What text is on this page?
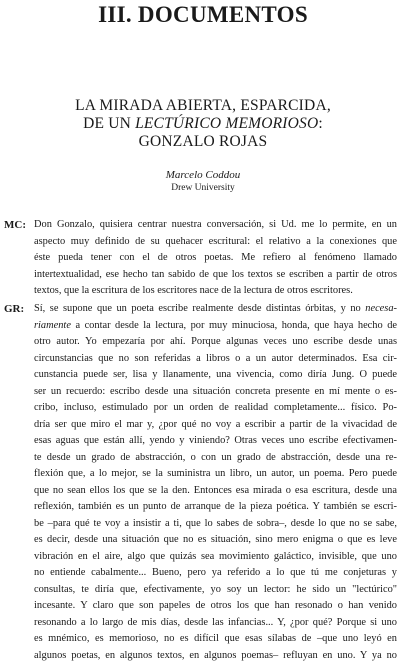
III. DOCUMENTOS
LA MIRADA ABIERTA, ESPARCIDA,
DE UN LECTÚRICO MEMORIOSO:
GONZALO ROJAS
Marcelo Coddou
Drew University
MC: Don Gonzalo, quisiera centrar nuestra conversación, si Ud. me lo permite, en un
aspecto muy definido de su quehacer escritural: el relativo a la conexiones que
éste pueda tener con el de otros poetas. Me refiero al fenómeno llamado
intertextualidad, ese hecho tan sabido de que los textos se escriben a partir de otros
textos, que la escritura de los escritores nace de la lectura de otros escritores.
GR: Sí, se supone que un poeta escribe realmente desde distintas órbitas, y no necesa-
riamente a contar desde la lectura, por muy minuciosa, honda, que haya hecho de
otro autor. Yo empezaría por ahí. Porque algunas veces uno escribe desde unas
circunstancias que no son referidas a libros o a un autor determinados. Esa cir-
cunstancia puede ser, lisa y llanamente, una vivencia, como diría Jung. O puede
ser un recuerdo: escribo desde una situación concreta presente en mí mente o es-
cribo, incluso, estimulado por un orden de realidad completamente... físico. Po-
dría ser que miro el mar y, ¿por qué no voy a escribir a partir de la vivacidad de
esas aguas que están allí, yendo y viniendo? Otras veces uno escribe efectivamen-
te desde un grado de abstracción, o con un grado de abstracción, desde una re-
flexión que, a lo mejor, se la suministra un libro, un autor, un poema. Pero puede
que no sean ellos los que se la den. Entonces esa mirada o esa escritura, desde una
reflexión, también es un punto de arranque de la pieza poética. Y también se escri-
be –para qué te voy a insistir a ti, que lo sabes de sobra–, desde lo que no se sabe,
es decir, desde una situación que no es situación, sino mero enigma o que es leve
vibración en el aire, algo que quizás sea movimiento galáctico, invisible, que uno
no entiende cabalmente... Bueno, pero ya referido a lo que tú me conjeturas y
consultas, te diría que, efectivamente, yo soy un lector: he sido un "lectúrico"
incesante. Y claro que son papeles de otros los que han resonado o han venido
resonando a lo largo de mis días, desde las infancias... Y, ¿por qué? Porque si uno
es mnémico, es memorioso, no es difícil que esas sílabas de –que uno leyó en
algunos poetas, en algunos textos, en algunos poemas– refluyan en uno. Y ya no
